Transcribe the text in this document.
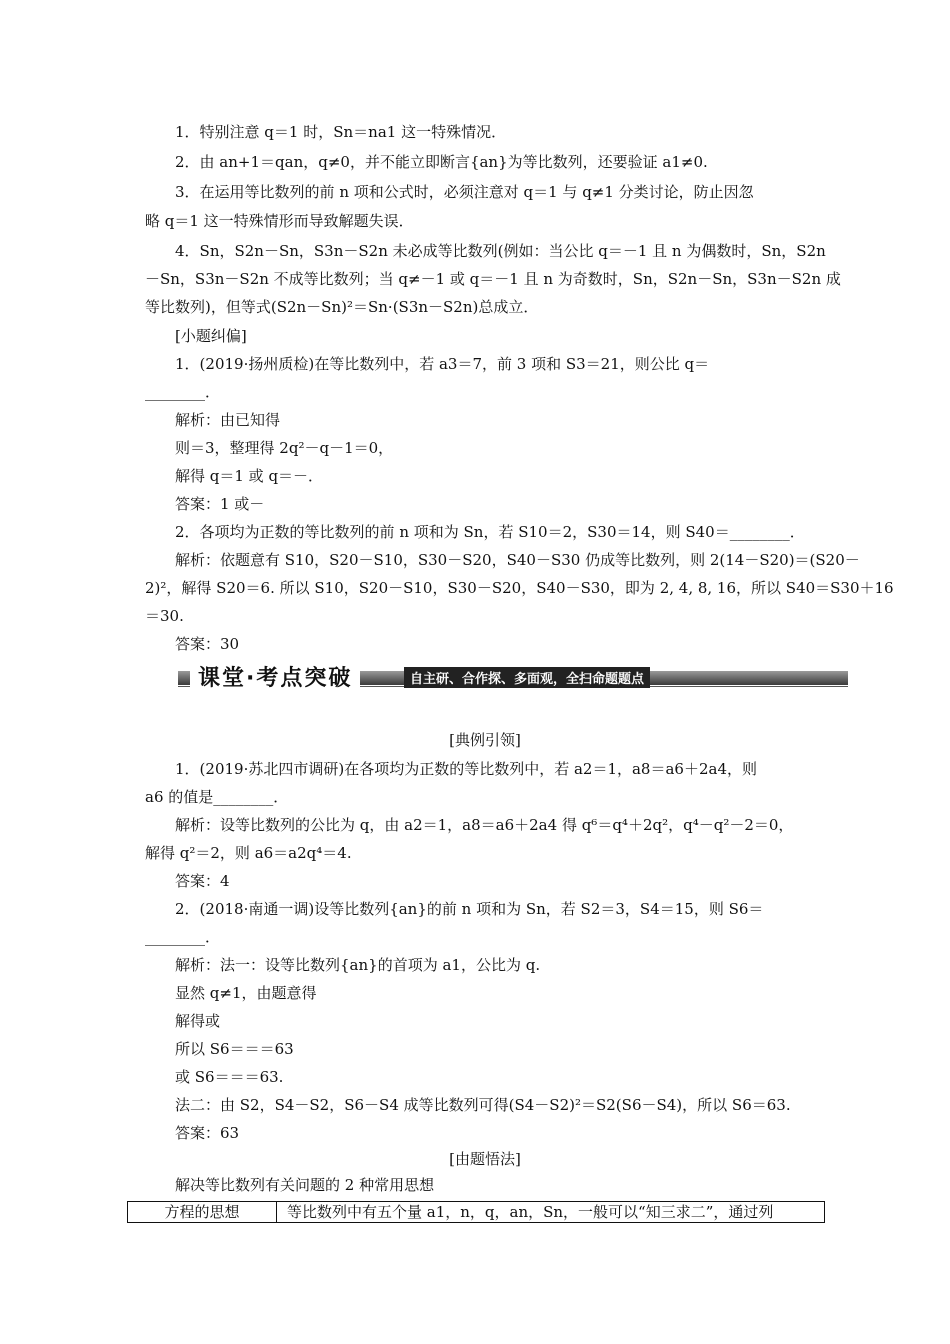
1．特别注意 q＝1 时，Sn＝na1 这一特殊情况．
2．由 an+1＝qan，q≠0，并不能立即断言{an}为等比数列，还要验证 a1≠0.
3．在运用等比数列的前 n 项和公式时，必须注意对 q＝1 与 q≠1 分类讨论，防止因忽
略 q＝1 这一特殊情形而导致解题失误．
4．Sn，S2n－Sn，S3n－S2n 未必成等比数列(例如：当公比 q＝－1 且 n 为偶数时，Sn，S2n
－Sn，S3n－S2n 不成等比数列；当 q≠－1 或 q＝－1 且 n 为奇数时，Sn，S2n－Sn，S3n－S2n 成
等比数列)，但等式(S2n－Sn)²＝Sn·(S3n－S2n)总成立．
[小题纠偏]
1．(2019·扬州质检)在等比数列中，若 a3＝7，前 3 项和 S3＝21，则公比 q＝
________．
解析：由已知得
则＝3，整理得 2q²－q－1＝0，
解得 q＝1 或 q＝－．
答案：1 或－
2．各项均为正数的等比数列的前 n 项和为 Sn，若 S10＝2，S30＝14，则 S40＝________．
解析：依题意有 S10，S20－S10，S30－S20，S40－S30 仍成等比数列，则 2(14－S20)＝(S20－
2)²，解得 S20＝6. 所以 S10，S20－S10，S30－S20，S40－S30，即为 2, 4, 8, 16，所以 S40＝S30＋16
＝30.
答案：30
课堂·考点突破	自主研、合作探、多面观，全扫命题题点
[典例引领]
1．(2019·苏北四市调研)在各项均为正数的等比数列中，若 a2＝1，a8＝a6＋2a4，则
a6 的值是________．
解析：设等比数列的公比为 q，由 a2＝1，a8＝a6＋2a4 得 q⁶＝q⁴＋2q²，q⁴－q²－2＝0，
解得 q²＝2，则 a6＝a2q⁴＝4.
答案：4
2．(2018·南通一调)设等比数列{an}的前 n 项和为 Sn，若 S2＝3，S4＝15，则 S6＝
________．
解析：法一：设等比数列{an}的首项为 a1，公比为 q.
显然 q≠1，由题意得
解得或
所以 S6＝＝＝63
或 S6＝＝＝63.
法二：由 S2，S4－S2，S6－S4 成等比数列可得(S4－S2)²＝S2(S6－S4)，所以 S6＝63.
答案：63
[由题悟法]
解决等比数列有关问题的 2 种常用思想
方程的思想	等比数列中有五个量 a1，n，q，an，Sn，一般可以“知三求二”，通过列
